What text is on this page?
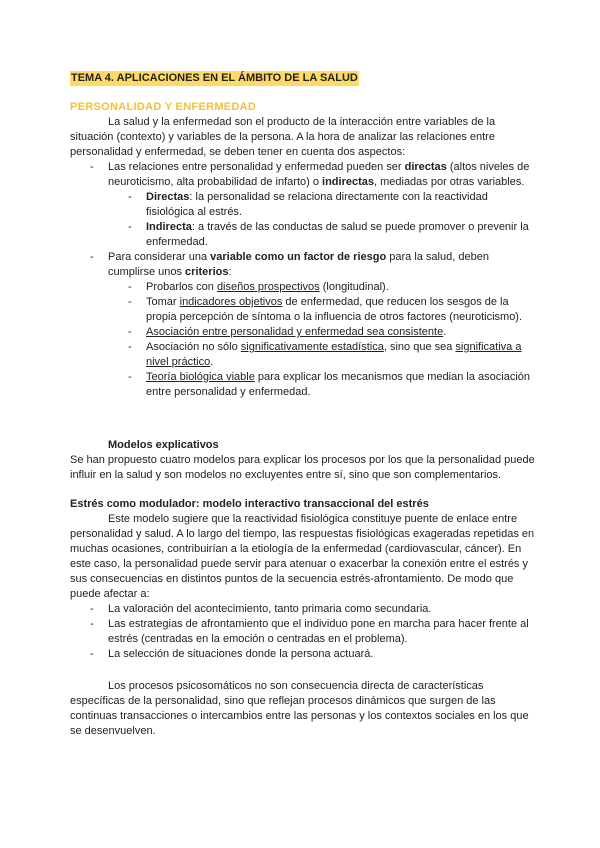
TEMA 4. APLICACIONES EN EL ÁMBITO DE LA SALUD
PERSONALIDAD Y ENFERMEDAD

La salud y la enfermedad son el producto de la interacción entre variables de la situación (contexto) y variables de la persona. A la hora de analizar las relaciones entre personalidad y enfermedad, se deben tener en cuenta dos aspectos:

- Las relaciones entre personalidad y enfermedad pueden ser directas (altos niveles de neuroticismo, alta probabilidad de infarto) o indirectas, mediadas por otras variables.
- Directas: la personalidad se relaciona directamente con la reactividad fisiológica al estrés.
- Indirecta: a través de las conductas de salud se puede promover o prevenir la enfermedad.
- Para considerar una variable como un factor de riesgo para la salud, deben cumplirse unos criterios:
- Probarlos con diseños prospectivos (longitudinal).
- Tomar indicadores objetivos de enfermedad, que reducen los sesgos de la propia percepción de síntoma o la influencia de otros factores (neuroticismo).
- Asociación entre personalidad y enfermedad sea consistente.
- Asociación no sólo significativamente estadística, sino que sea significativa a nivel práctico.
- Teoría biológica viable para explicar los mecanismos que median la asociación entre personalidad y enfermedad.

Modelos explicativos

Se han propuesto cuatro modelos para explicar los procesos por los que la personalidad puede influir en la salud y son modelos no excluyentes entre sí, sino que son complementarios.

Estrés como modulador: modelo interactivo transaccional del estrés

Este modelo sugiere que la reactividad fisiológica constituye puente de enlace entre personalidad y salud. A lo largo del tiempo, las respuestas fisiológicas exageradas repetidas en muchas ocasiones, contribuirían a la etiología de la enfermedad (cardiovascular, cáncer). En este caso, la personalidad puede servir para atenuar o exacerbar la conexión entre el estrés y sus consecuencias en distintos puntos de la secuencia estrés-afrontamiento. De modo que puede afectar a:

- La valoración del acontecimiento, tanto primaria como secundaria.
- Las estrategias de afrontamiento que el individuo pone en marcha para hacer frente al estrés (centradas en la emoción o centradas en el problema).
- La selección de situaciones donde la persona actuará.

Los procesos psicosomáticos no son consecuencia directa de características específicas de la personalidad, sino que reflejan procesos dinámicos que surgen de las continuas transacciones o intercambios entre las personas y los contextos sociales en los que se desenvuelven.
